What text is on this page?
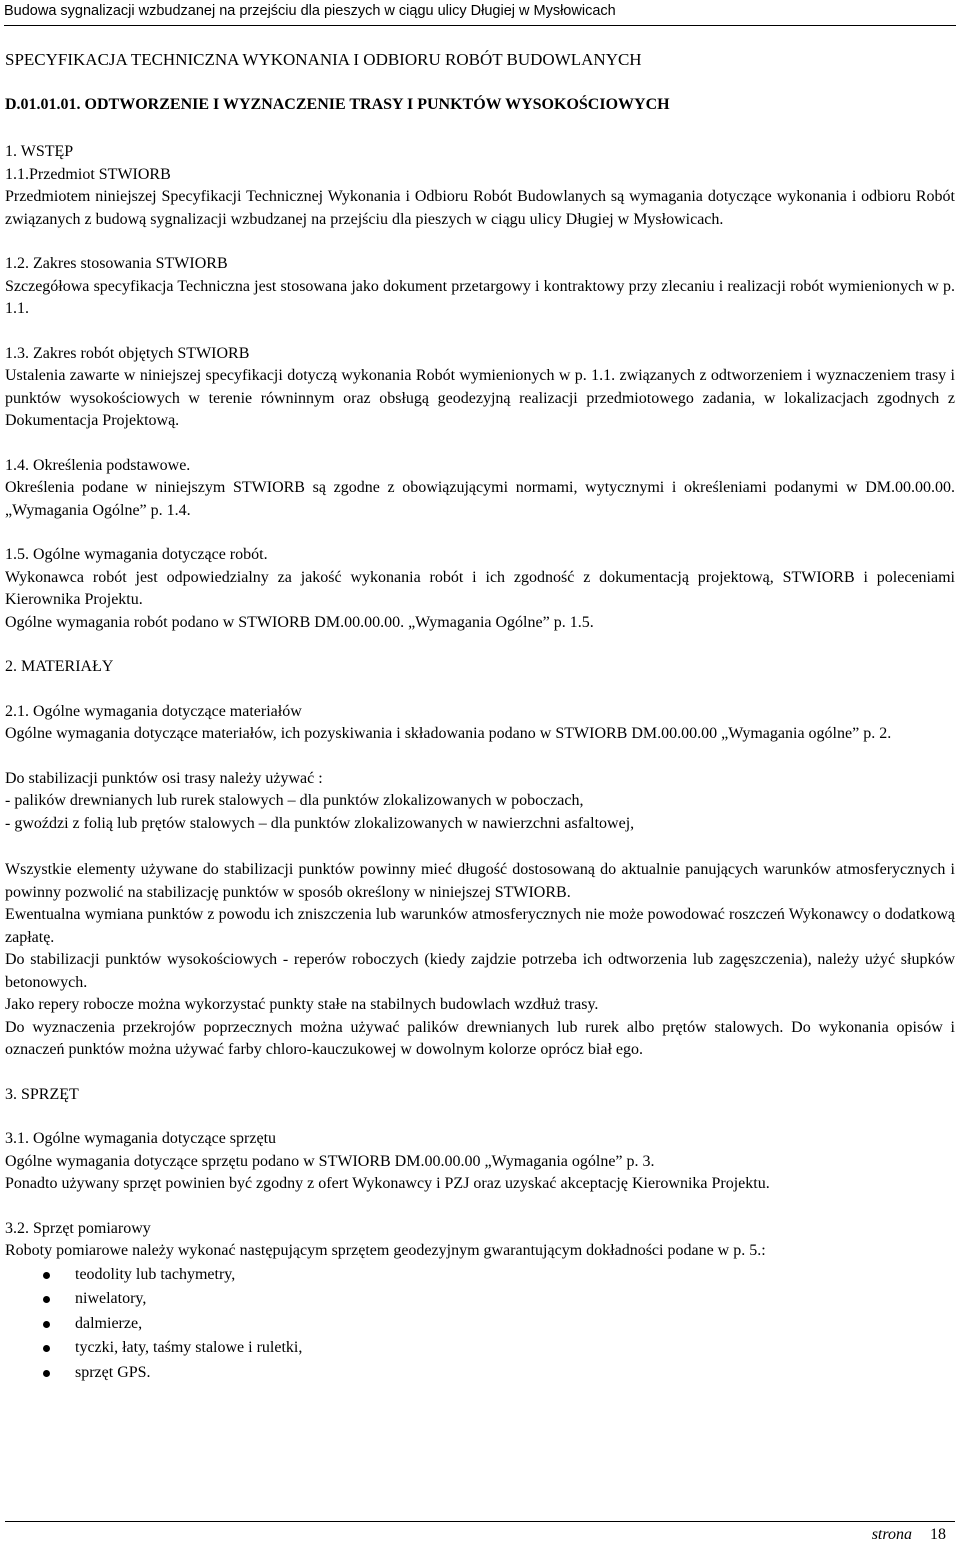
Budowa sygnalizacji wzbudzanej na przejściu dla pieszych w ciągu ulicy Długiej w Mysłowicach
SPECYFIKACJA TECHNICZNA WYKONANIA I ODBIORU ROBÓT BUDOWLANYCH
D.01.01.01. ODTWORZENIE I WYZNACZENIE TRASY I PUNKTÓW WYSOKOŚCIOWYCH
1. WSTĘP
1.1.Przedmiot STWIORB

Przedmiotem niniejszej Specyfikacji Technicznej Wykonania i Odbioru Robót Budowlanych są wymagania dotyczące wykonania i odbioru Robót związanych z budową sygnalizacji wzbudzanej na przejściu dla pieszych w ciągu ulicy Długiej w Mysłowicach.

1.2. Zakres stosowania STWIORB

Szczegółowa specyfikacja Techniczna jest stosowana jako dokument przetargowy i kontraktowy przy zlecaniu i realizacji robót wymienionych w p. 1.1.

1.3. Zakres robót objętych STWIORB

Ustalenia zawarte w niniejszej specyfikacji dotyczą wykonania Robót wymienionych w p. 1.1. związanych z odtworzeniem i wyznaczeniem trasy i punktów wysokościowych w terenie równinnym oraz obsługą geodezyjną realizacji przedmiotowego zadania, w lokalizacjach zgodnych z Dokumentacja Projektową.

1.4. Określenia podstawowe.

Określenia podane w niniejszym STWIORB są zgodne z obowiązującymi normami, wytycznymi i określeniami podanymi w DM.00.00.00. „Wymagania Ogólne” p. 1.4.

1.5. Ogólne wymagania dotyczące robót.

Wykonawca robót jest odpowiedzialny za jakość wykonania robót i ich zgodność z dokumentacją projektową, STWIORB i poleceniami Kierownika Projektu.

Ogólne wymagania robót podano w STWIORB DM.00.00.00. „Wymagania Ogólne” p. 1.5.

2. MATERIAŁY
2.1. Ogólne wymagania dotyczące materiałów

Ogólne wymagania dotyczące materiałów, ich pozyskiwania i składowania podano w STWIORB DM.00.00.00 „Wymagania ogólne” p. 2.

Do stabilizacji punktów osi trasy należy używać :

- palików drewnianych lub rurek stalowych – dla punktów zlokalizowanych w poboczach,

- gwoździ z folią lub prętów stalowych – dla punktów zlokalizowanych w nawierzchni asfaltowej,

Wszystkie elementy używane do stabilizacji punktów powinny mieć długość dostosowaną do aktualnie panujących warunków atmosferycznych i powinny pozwolić na stabilizację punktów w sposób określony w niniejszej STWIORB.

Ewentualna wymiana punktów z powodu ich zniszczenia lub warunków atmosferycznych nie może powodować roszczeń Wykonawcy o dodatkową zapłatę.

Do stabilizacji punktów wysokościowych - reperów roboczych (kiedy zajdzie potrzeba ich odtworzenia lub zagęszczenia), należy użyć słupków betonowych.

Jako repery robocze można wykorzystać punkty stałe na stabilnych budowlach wzdłuż trasy.

Do wyznaczenia przekrojów poprzecznych można używać palików drewnianych lub rurek albo prętów stalowych. Do wykonania opisów i oznaczeń punktów można używać farby chloro-kauczukowej w dowolnym kolorze oprócz biał ego.

3. SPRZĘT
3.1. Ogólne wymagania dotyczące sprzętu

Ogólne wymagania dotyczące sprzętu podano w STWIORB DM.00.00.00 „Wymagania ogólne” p. 3.

Ponadto używany sprzęt powinien być zgodny z ofert Wykonawcy i PZJ oraz uzyskać akceptację Kierownika Projektu.

3.2. Sprzęt pomiarowy

Roboty pomiarowe należy wykonać następującym sprzętem geodezyjnym gwarantującym dokładności podane w p. 5.:

teodolity lub tachymetry,
niwelatory,
dalmierze,
tyczki, łaty, taśmy stalowe i ruletki,
sprzęt GPS.
strona 18
